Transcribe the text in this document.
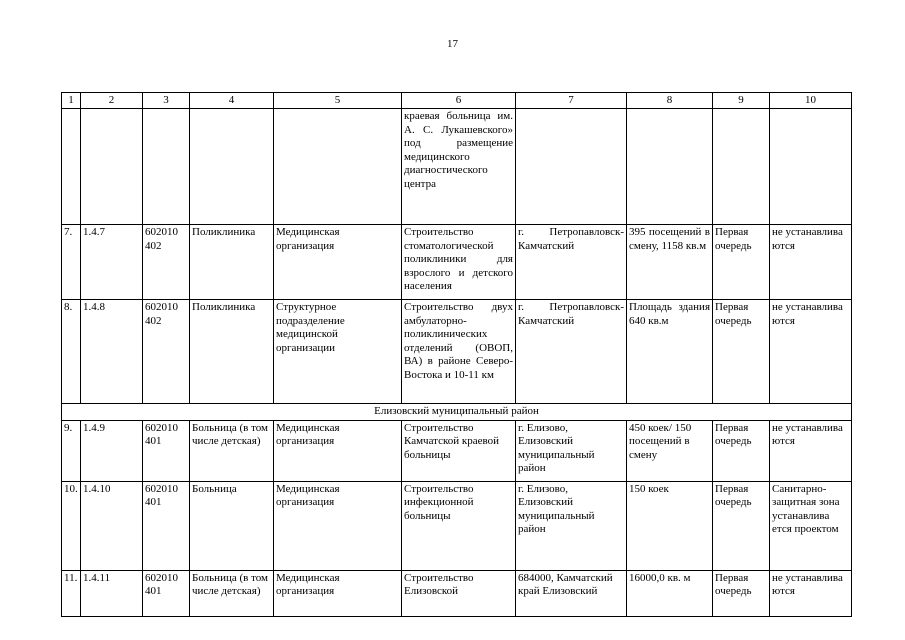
17
1	2	3	4	5	6	7	8	9	10
					краевая больница им. А. С. Лукашевского» под размещение медицинского диагностического центра				
7.	1.4.7	602010 402	Поликлиника	Медицинская организация	Строительство стоматологической поликлиники для взрослого и детского населения	г. Петропавловск-Камчатский	395 посещений в смену, 1158 кв.м	Первая очередь	не устанавлива ются
8.	1.4.8	602010 402	Поликлиника	Структурное подразделение медицинской организации	Строительство двух амбулаторно-поликлинических отделений (ОВОП, ВА) в районе Северо-Востока и 10-11 км	г. Петропавловск-Камчатский	Площадь здания 640 кв.м	Первая очередь	не устанавлива ются
Елизовский муниципальный район									
9.	1.4.9	602010 401	Больница (в том числе детская)	Медицинская организация	Строительство Камчатской краевой больницы	г. Елизово, Елизовский муниципальный район	450 коек/ 150 посещений в смену	Первая очередь	не устанавлива ются
10.	1.4.10	602010 401	Больница	Медицинская организация	Строительство инфекционной больницы	г. Елизово, Елизовский муниципальный район	150 коек	Первая очередь	Санитарно-защитная зона устанавлива ется проектом
11.	1.4.11	602010 401	Больница (в том числе детская)	Медицинская организация	Строительство Елизовской	684000, Камчатский край Елизовский	16000,0 кв. м	Первая очередь	не устанавлива ются
